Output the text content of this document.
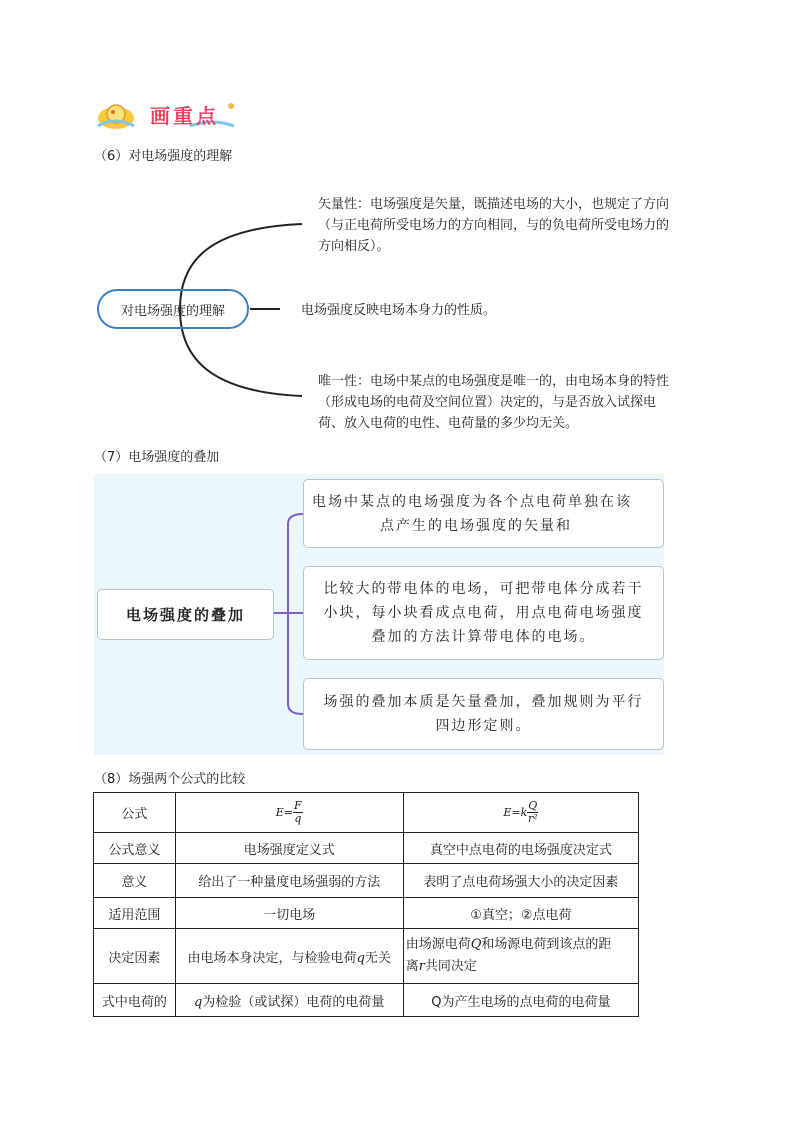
画重点
（6）对电场强度的理解
对电场强度的理解
矢量性：电场强度是矢量，既描述电场的大小，也规定了方向
（与正电荷所受电场力的方向相同，与的负电荷所受电场力的
方向相反）。
电场强度反映电场本身力的性质。
唯一性：电场中某点的电场强度是唯一的，由电场本身的特性
（形成电场的电荷及空间位置）决定的，与是否放入试探电
荷、放入电荷的电性、电荷量的多少均无关。
（7）电场强度的叠加
电场强度的叠加
电场中某点的电场强度为各个点电荷单独在该
点产生的电场强度的矢量和
比较大的带电体的电场，可把带电体分成若干
小块，每小块看成点电荷，用点电荷电场强度
叠加的方法计算带电体的电场。
场强的叠加本质是矢量叠加，叠加规则为平行
四边形定则。
（8）场强两个公式的比较
公式	$E= \frac{F}{q}$	$E=k \frac{Q}{\text{r²}}$

公式意义	电场强度定义式	真空中点电荷的电场强度决定式
意义	给出了一种量度电场强弱的方法	表明了点电荷场强大小的决定因素
适用范围	一切电场	①真空；②点电荷
决定因素	由电场本身决定，与检验电荷q无关	由场源电荷Q和场源电荷到该点的距
离r共同决定
式中电荷的	q为检验（或试探）电荷的电荷量	Q为产生电场的点电荷的电荷量
